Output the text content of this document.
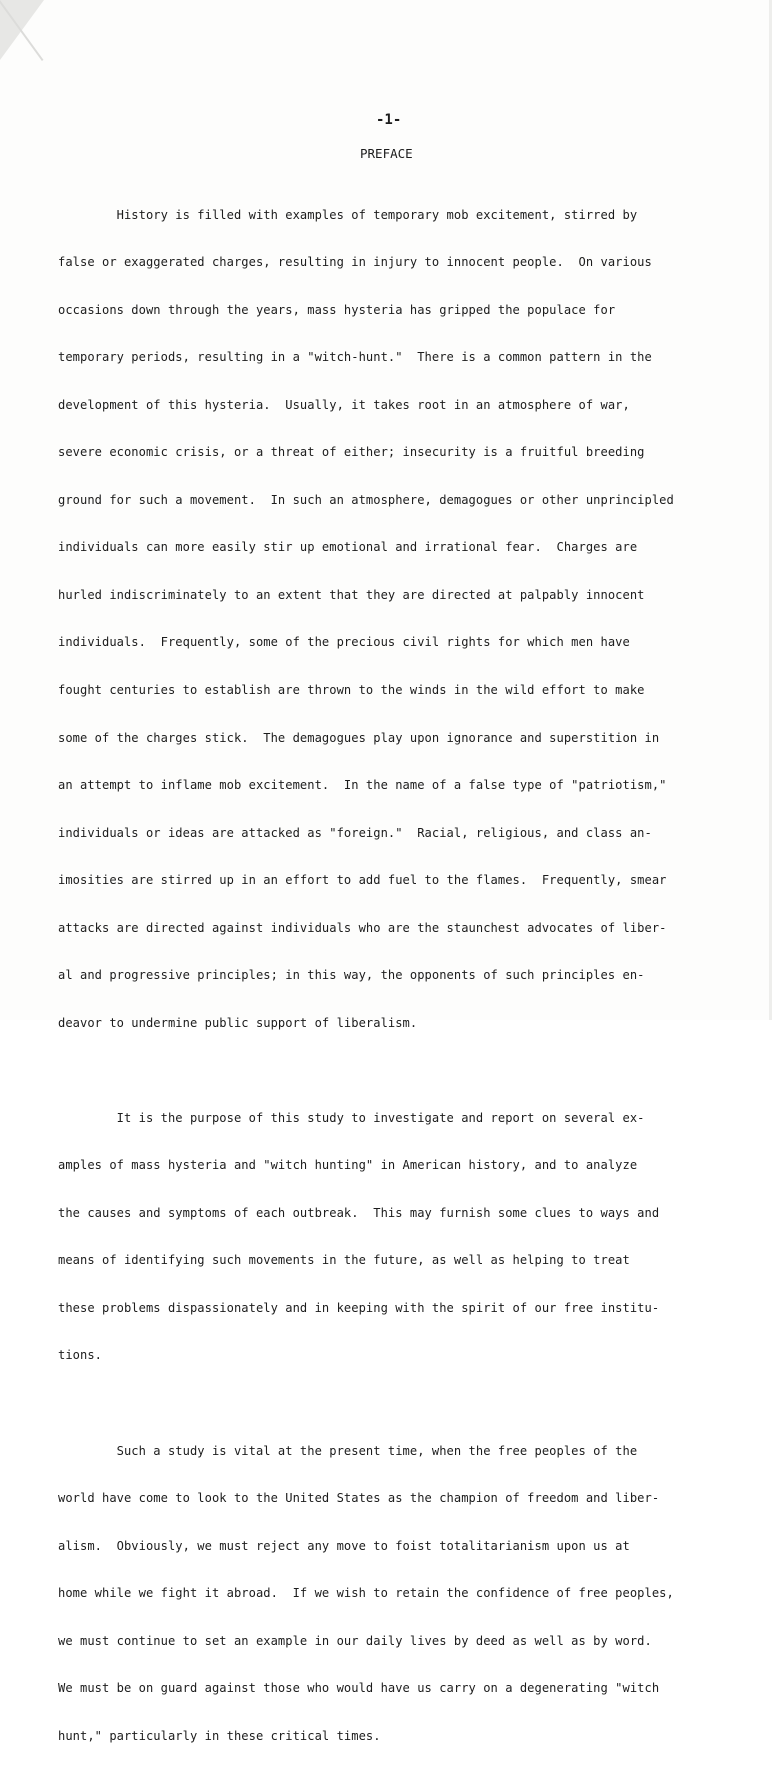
-1-
PREFACE

History is filled with examples of temporary mob excitement, stirred by

false or exaggerated charges, resulting in injury to innocent people.  On various

occasions down through the years, mass hysteria has gripped the populace for

temporary periods, resulting in a "witch-hunt."  There is a common pattern in the

development of this hysteria.  Usually, it takes root in an atmosphere of war,

severe economic crisis, or a threat of either; insecurity is a fruitful breeding

ground for such a movement.  In such an atmosphere, demagogues or other unprincipled

individuals can more easily stir up emotional and irrational fear.  Charges are

hurled indiscriminately to an extent that they are directed at palpably innocent

individuals.  Frequently, some of the precious civil rights for which men have

fought centuries to establish are thrown to the winds in the wild effort to make

some of the charges stick.  The demagogues play upon ignorance and superstition in

an attempt to inflame mob excitement.  In the name of a false type of "patriotism,"

individuals or ideas are attacked as "foreign."  Racial, religious, and class an-

imosities are stirred up in an effort to add fuel to the flames.  Frequently, smear

attacks are directed against individuals who are the staunchest advocates of liber-

al and progressive principles; in this way, the opponents of such principles en-

deavor to undermine public support of liberalism.

It is the purpose of this study to investigate and report on several ex-

amples of mass hysteria and "witch hunting" in American history, and to analyze

the causes and symptoms of each outbreak.  This may furnish some clues to ways and

means of identifying such movements in the future, as well as helping to treat

these problems dispassionately and in keeping with the spirit of our free institu-

tions.

Such a study is vital at the present time, when the free peoples of the

world have come to look to the United States as the champion of freedom and liber-

alism.  Obviously, we must reject any move to foist totalitarianism upon us at

home while we fight it abroad.  If we wish to retain the confidence of free peoples,

we must continue to set an example in our daily lives by deed as well as by word.

We must be on guard against those who would have us carry on a degenerating "witch

hunt," particularly in these critical times.
